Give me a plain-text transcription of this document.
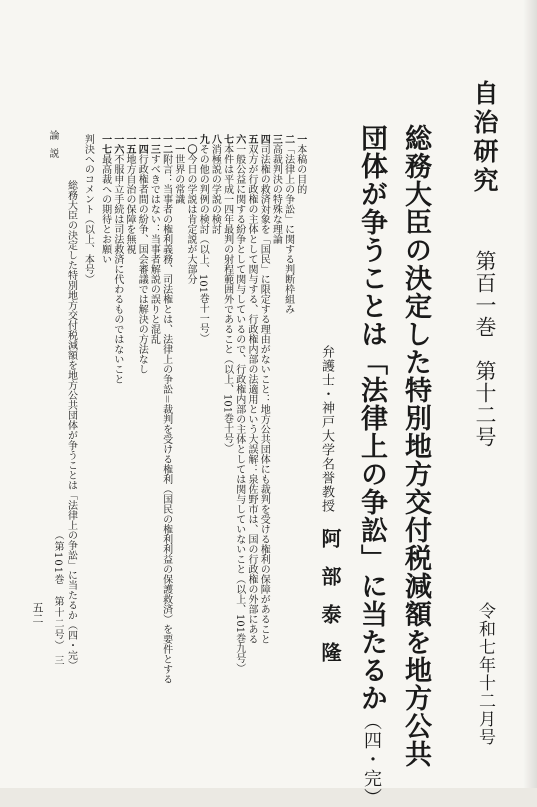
自治研究
第百一巻　第十二号
令和七年十二月号
総務大臣の決定した特別地方交付税減額を地方公共
団体が争うことは「法律上の争訟」に当たるか（四・完）
弁護士・神戸大学名誉教授
阿部泰隆
一本稿の目的
二「法律上の争訟」に関する判断枠組み
三高裁判決の特殊な理論
四司法権の救済対象を「国民」に限定する理由がないこと：地方公共団体にも裁判を受ける権利の保障があること
五双方が行政権の主体として関与する、行政権内部の法適用という大誤解：泉佐野市は、国の行政権の外部にある
六一般公益に関する紛争として関与しているので、行政権内部の主体としては関与していないこと（以上、101巻九号）
七本件は平成一四年最判の射程範囲外であること（以上、101巻十号）
八消極説の学説の検討
九その他の判例の検討（以上、101巻十一号）
一〇今日の学説は肯定説が大部分
一一世界の常識
一二附言：当事者の権利義務、司法権とは、法律上の争訟＝裁判を受ける権利（国民の権利利益の保護救済）を要件とする
一三すべきではない：当事者解説の誤りと混乱
一四行政権者間の紛争、国会審議では解決の方法なし
一五地方自治の保障を無視
一六不服申立手続は司法救済に代わるものではないこと
一七最高裁への期待とお願い
判決へのコメント（以上、本号）
論説
総務大臣の決定した特別地方交付税減額を地方公共団体が争うことは「法律上の争訟」に当たるか（四・完）
五二 （第101巻　第十二号）
三
